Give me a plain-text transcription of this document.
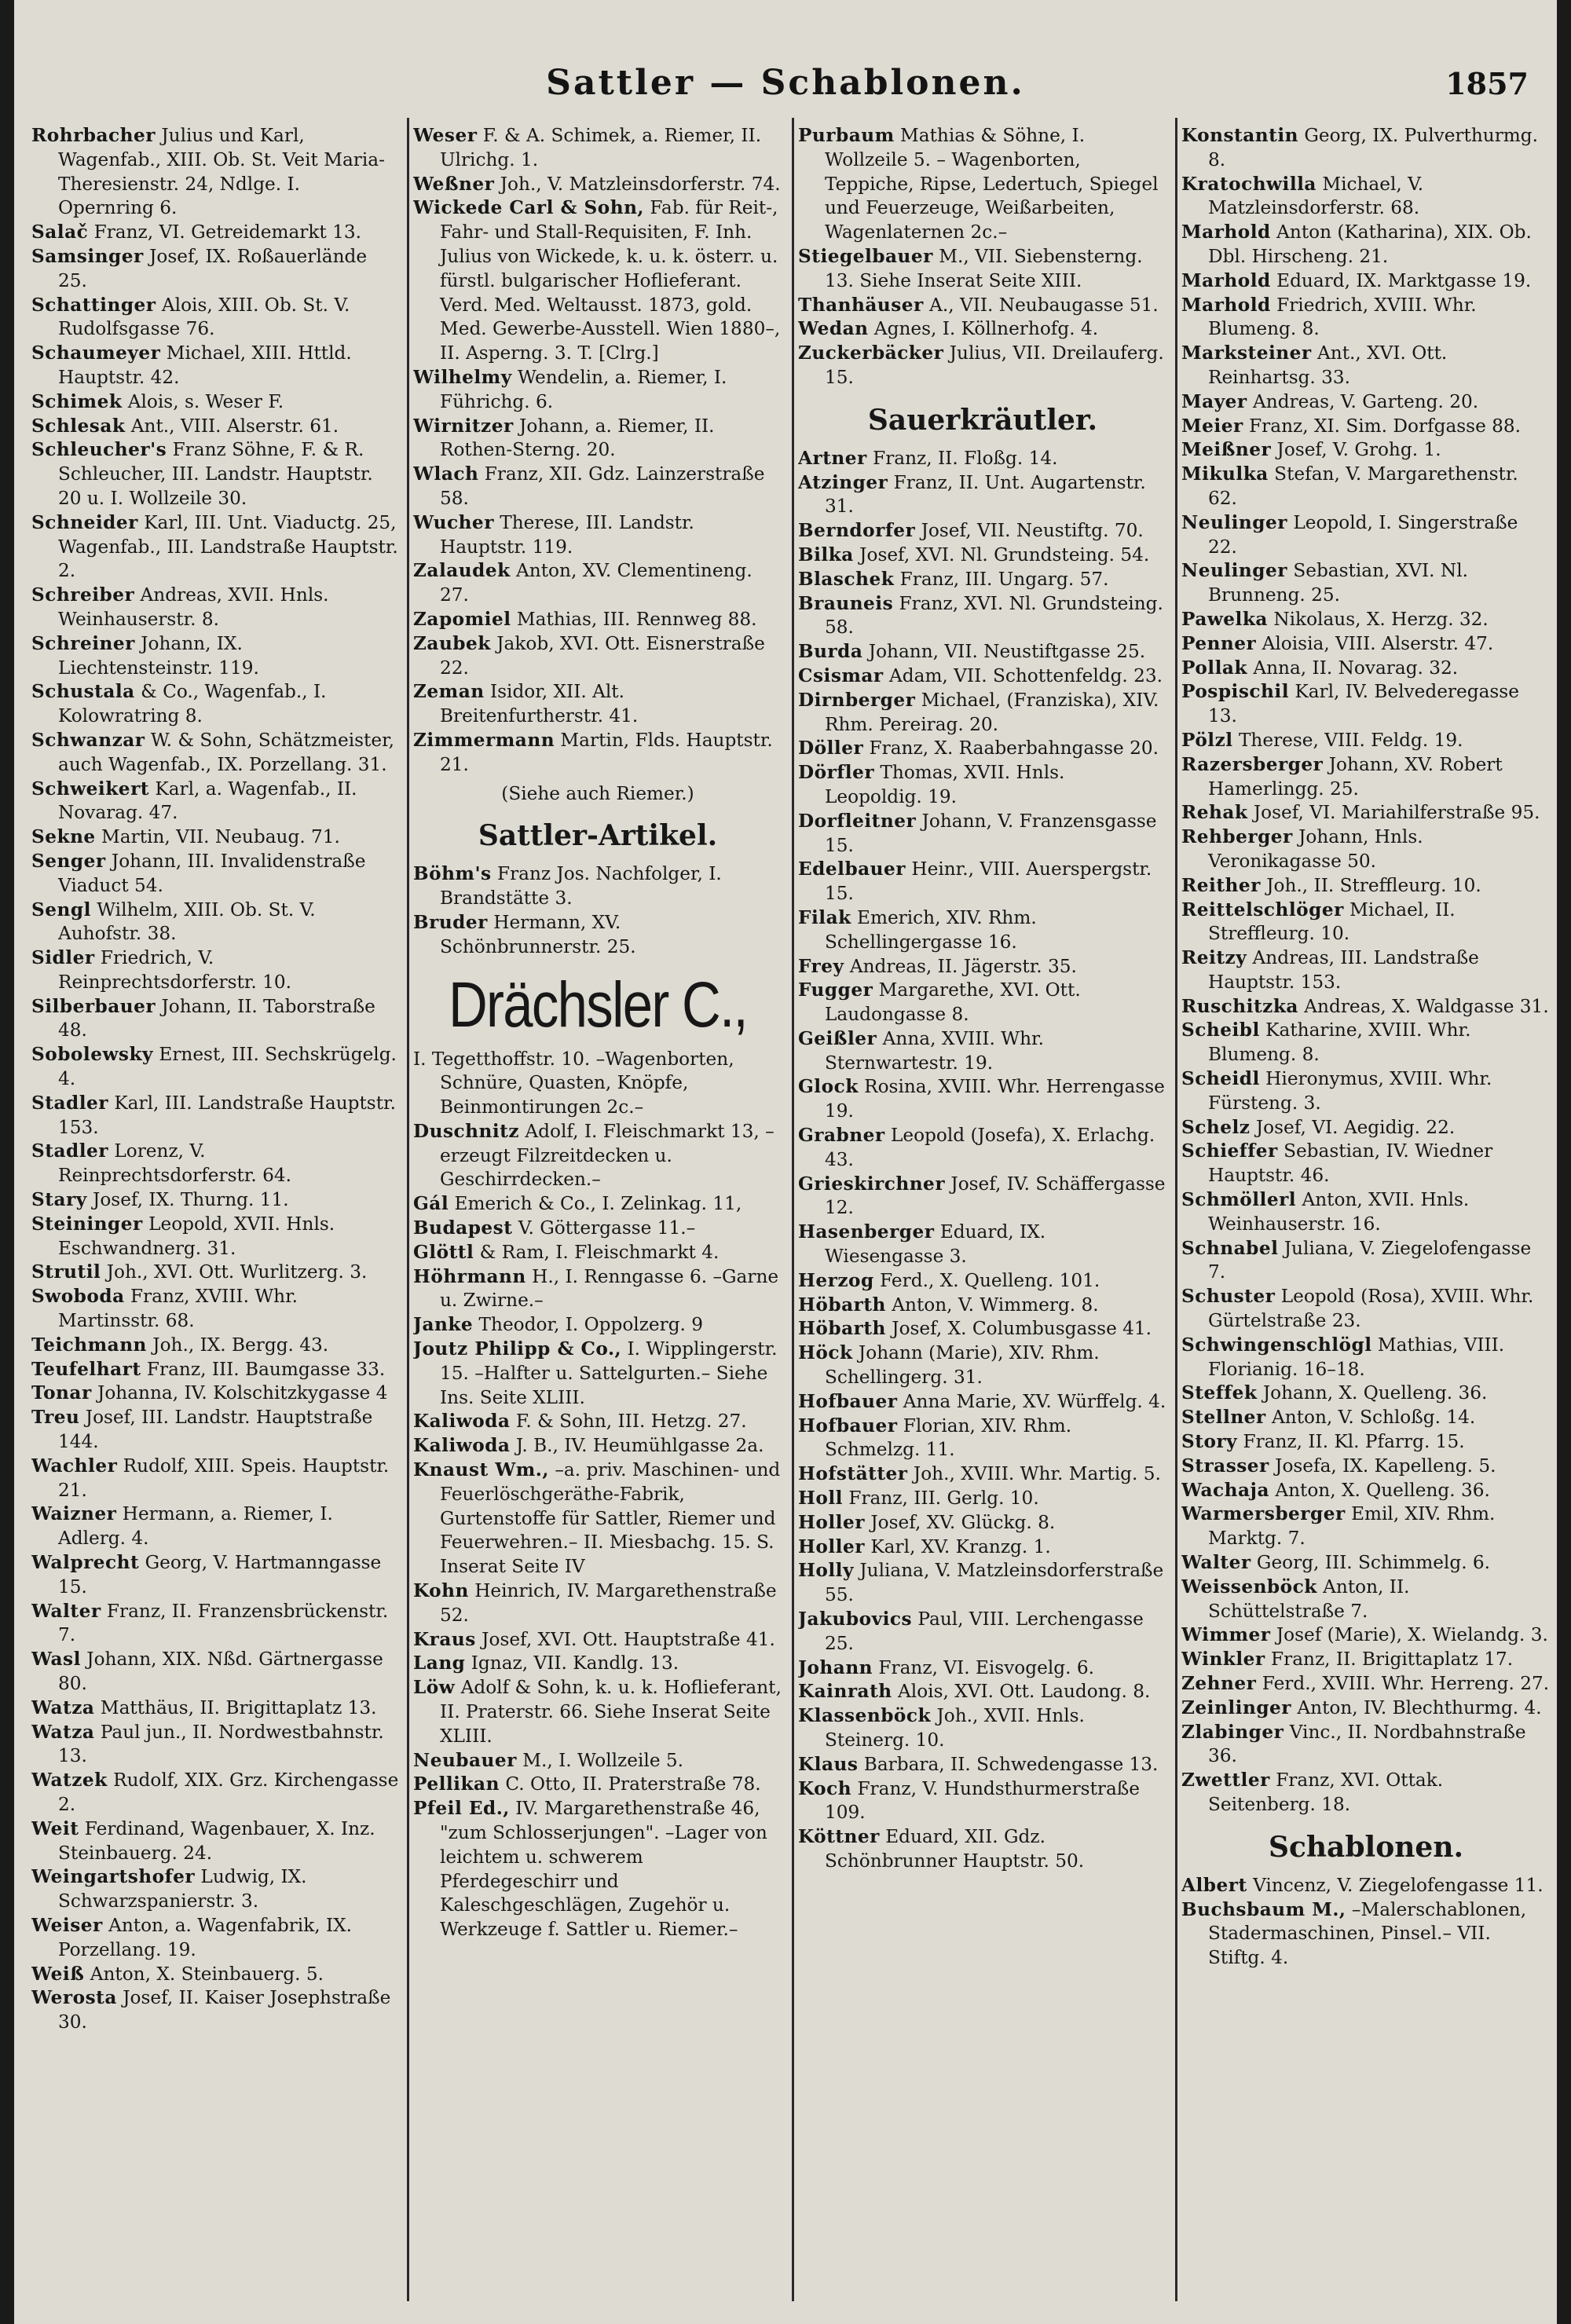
Sattler — Schablonen.	1857

Rohrbacher Julius und Karl, Wagenfab., XIII. Ob. St. Veit Maria-Theresienstr. 24, Ndlge. I. Opernring 6.

Salač Franz, VI. Getreidemarkt 13.

Samsinger Josef, IX. Roßauerlände 25.

Schattinger Alois, XIII. Ob. St. V. Rudolfsgasse 76.

Schaumeyer Michael, XIII. Httld. Hauptstr. 42.

Schimek Alois, s. Weser F.

Schlesak Ant., VIII. Alserstr. 61.

Schleucher's Franz Söhne, F. & R. Schleucher, III. Landstr. Hauptstr. 20 u. I. Wollzeile 30.

Schneider Karl, III. Unt. Viaductg. 25, Wagenfab., III. Landstraße Hauptstr. 2.

Schreiber Andreas, XVII. Hnls. Weinhauserstr. 8.

Schreiner Johann, IX. Liechtensteinstr. 119.

Schustala & Co., Wagenfab., I. Kolowratring 8.

Schwanzar W. & Sohn, Schätzmeister, auch Wagenfab., IX. Porzellang. 31.

Schweikert Karl, a. Wagenfab., II. Novarag. 47.

Sekne Martin, VII. Neubaug. 71.

Senger Johann, III. Invalidenstraße Viaduct 54.

Sengl Wilhelm, XIII. Ob. St. V. Auhofstr. 38.

Sidler Friedrich, V. Reinprechtsdorferstr. 10.

Silberbauer Johann, II. Taborstraße 48.

Sobolewsky Ernest, III. Sechskrügelg. 4.

Stadler Karl, III. Landstraße Hauptstr. 153.

Stadler Lorenz, V. Reinprechtsdorferstr. 64.

Stary Josef, IX. Thurng. 11.

Steininger Leopold, XVII. Hnls. Eschwandnerg. 31.

Strutil Joh., XVI. Ott. Wurlitzerg. 3.

Swoboda Franz, XVIII. Whr. Martinsstr. 68.

Teichmann Joh., IX. Bergg. 43.

Teufelhart Franz, III. Baumgasse 33.

Tonar Johanna, IV. Kolschitzkygasse 4

Treu Josef, III. Landstr. Hauptstraße 144.

Wachler Rudolf, XIII. Speis. Hauptstr. 21.

Waizner Hermann, a. Riemer, I. Adlerg. 4.

Walprecht Georg, V. Hartmanngasse 15.

Walter Franz, II. Franzensbrückenstr. 7.

Wasl Johann, XIX. Nßd. Gärtnergasse 80.

Watza Matthäus, II. Brigittaplatz 13.

Watza Paul jun., II. Nordwestbahnstr. 13.

Watzek Rudolf, XIX. Grz. Kirchengasse 2.

Weit Ferdinand, Wagenbauer, X. Inz. Steinbauerg. 24.

Weingartshofer Ludwig, IX. Schwarzspanierstr. 3.

Weiser Anton, a. Wagenfabrik, IX. Porzellang. 19.

Weiß Anton, X. Steinbauerg. 5.

Werosta Josef, II. Kaiser Josephstraße 30.

Weser F. & A. Schimek, a. Riemer, II. Ulrichg. 1.

Weßner Joh., V. Matzleinsdorferstr. 74.

Wickede Carl & Sohn, Fab. für Reit-, Fahr- und Stall-Requisiten, F. Inh. Julius von Wickede, k. u. k. österr. u. fürstl. bulgarischer Hoflieferant. Verd. Med. Weltausst. 1873, gold. Med. Gewerbe-Ausstell. Wien 1880–, II. Asperng. 3. T. [Clrg.]

Wilhelmy Wendelin, a. Riemer, I. Führichg. 6.

Wirnitzer Johann, a. Riemer, II. Rothen-Sterng. 20.

Wlach Franz, XII. Gdz. Lainzerstraße 58.

Wucher Therese, III. Landstr. Hauptstr. 119.

Zalaudek Anton, XV. Clementineng. 27.

Zapomiel Mathias, III. Rennweg 88.

Zaubek Jakob, XVI. Ott. Eisnerstraße 22.

Zeman Isidor, XII. Alt. Breitenfurtherstr. 41.

Zimmermann Martin, Flds. Hauptstr. 21.

(Siehe auch Riemer.)
Sattler-Artikel.

Böhm's Franz Jos. Nachfolger, I. Brandstätte 3.

Bruder Hermann, XV. Schönbrunnerstr. 25.

Drächsler C.,

I. Tegetthoffstr. 10. –Wagenborten, Schnüre, Quasten, Knöpfe, Beinmontirungen 2c.–

Duschnitz Adolf, I. Fleischmarkt 13, –erzeugt Filzreitdecken u. Geschirrdecken.–

Gál Emerich & Co., I. Zelinkag. 11,

Budapest V. Göttergasse 11.–

Glöttl & Ram, I. Fleischmarkt 4.

Höhrmann H., I. Renngasse 6. –Garne u. Zwirne.–

Janke Theodor, I. Oppolzerg. 9

Joutz Philipp & Co., I. Wipplingerstr. 15. –Halfter u. Sattelgurten.– Siehe Ins. Seite XLIII.

Kaliwoda F. & Sohn, III. Hetzg. 27.

Kaliwoda J. B., IV. Heumühlgasse 2a.

Knaust Wm., –a. priv. Maschinen- und Feuerlöschgeräthe-Fabrik, Gurtenstoffe für Sattler, Riemer und Feuerwehren.– II. Miesbachg. 15. S. Inserat Seite IV

Kohn Heinrich, IV. Margarethenstraße 52.

Kraus Josef, XVI. Ott. Hauptstraße 41.

Lang Ignaz, VII. Kandlg. 13.

Löw Adolf & Sohn, k. u. k. Hoflieferant, II. Praterstr. 66. Siehe Inserat Seite XLIII.

Neubauer M., I. Wollzeile 5.

Pellikan C. Otto, II. Praterstraße 78.

Pfeil Ed., IV. Margarethenstraße 46, "zum Schlosserjungen". –Lager von leichtem u. schwerem Pferdegeschirr und Kaleschgeschlägen, Zugehör u. Werkzeuge f. Sattler u. Riemer.–

Purbaum Mathias & Söhne, I. Wollzeile 5. – Wagenborten, Teppiche, Ripse, Ledertuch, Spiegel und Feuerzeuge, Weißarbeiten, Wagenlaternen 2c.–

Stiegelbauer M., VII. Siebensterng. 13. Siehe Inserat Seite XIII.

Thanhäuser A., VII. Neubaugasse 51.

Wedan Agnes, I. Köllnerhofg. 4.

Zuckerbäcker Julius, VII. Dreilauferg. 15.

Sauerkräutler.

Artner Franz, II. Floßg. 14.

Atzinger Franz, II. Unt. Augartenstr. 31.

Berndorfer Josef, VII. Neustiftg. 70.

Bilka Josef, XVI. Nl. Grundsteing. 54.

Blaschek Franz, III. Ungarg. 57.

Brauneis Franz, XVI. Nl. Grundsteing. 58.

Burda Johann, VII. Neustiftgasse 25.

Csismar Adam, VII. Schottenfeldg. 23.

Dirnberger Michael, (Franziska), XIV. Rhm. Pereirag. 20.

Döller Franz, X. Raaberbahngasse 20.

Dörfler Thomas, XVII. Hnls. Leopoldig. 19.

Dorfleitner Johann, V. Franzensgasse 15.

Edelbauer Heinr., VIII. Auerspergstr. 15.

Filak Emerich, XIV. Rhm. Schellingergasse 16.

Frey Andreas, II. Jägerstr. 35.

Fugger Margarethe, XVI. Ott. Laudongasse 8.

Geißler Anna, XVIII. Whr. Sternwartestr. 19.

Glock Rosina, XVIII. Whr. Herrengasse 19.

Grabner Leopold (Josefa), X. Erlachg. 43.

Grieskirchner Josef, IV. Schäffergasse 12.

Hasenberger Eduard, IX. Wiesengasse 3.

Herzog Ferd., X. Quelleng. 101.

Höbarth Anton, V. Wimmerg. 8.

Höbarth Josef, X. Columbusgasse 41.

Höck Johann (Marie), XIV. Rhm. Schellingerg. 31.

Hofbauer Anna Marie, XV. Würffelg. 4.

Hofbauer Florian, XIV. Rhm. Schmelzg. 11.

Hofstätter Joh., XVIII. Whr. Martig. 5.

Holl Franz, III. Gerlg. 10.

Holler Josef, XV. Glückg. 8.

Holler Karl, XV. Kranzg. 1.

Holly Juliana, V. Matzleinsdorferstraße 55.

Jakubovics Paul, VIII. Lerchengasse 25.

Johann Franz, VI. Eisvogelg. 6.

Kainrath Alois, XVI. Ott. Laudong. 8.

Klassenböck Joh., XVII. Hnls. Steinerg. 10.

Klaus Barbara, II. Schwedengasse 13.

Koch Franz, V. Hundsthurmerstraße 109.

Köttner Eduard, XII. Gdz. Schönbrunner Hauptstr. 50.

Konstantin Georg, IX. Pulverthurmg. 8.

Kratochwilla Michael, V. Matzleinsdorferstr. 68.

Marhold Anton (Katharina), XIX. Ob. Dbl. Hirscheng. 21.

Marhold Eduard, IX. Marktgasse 19.

Marhold Friedrich, XVIII. Whr. Blumeng. 8.

Marksteiner Ant., XVI. Ott. Reinhartsg. 33.

Mayer Andreas, V. Garteng. 20.

Meier Franz, XI. Sim. Dorfgasse 88.

Meißner Josef, V. Grohg. 1.

Mikulka Stefan, V. Margarethenstr. 62.

Neulinger Leopold, I. Singerstraße 22.

Neulinger Sebastian, XVI. Nl. Brunneng. 25.

Pawelka Nikolaus, X. Herzg. 32.

Penner Aloisia, VIII. Alserstr. 47.

Pollak Anna, II. Novarag. 32.

Pospischil Karl, IV. Belvederegasse 13.

Pölzl Therese, VIII. Feldg. 19.

Razersberger Johann, XV. Robert Hamerlingg. 25.

Rehak Josef, VI. Mariahilferstraße 95.

Rehberger Johann, Hnls. Veronikagasse 50.

Reither Joh., II. Streffleurg. 10.

Reittelschlöger Michael, II. Streffleurg. 10.

Reitzy Andreas, III. Landstraße Hauptstr. 153.

Ruschitzka Andreas, X. Waldgasse 31.

Scheibl Katharine, XVIII. Whr. Blumeng. 8.

Scheidl Hieronymus, XVIII. Whr. Fürsteng. 3.

Schelz Josef, VI. Aegidig. 22.

Schieffer Sebastian, IV. Wiedner Hauptstr. 46.

Schmöllerl Anton, XVII. Hnls. Weinhauserstr. 16.

Schnabel Juliana, V. Ziegelofengasse 7.

Schuster Leopold (Rosa), XVIII. Whr. Gürtelstraße 23.

Schwingenschlögl Mathias, VIII. Florianig. 16–18.

Steffek Johann, X. Quelleng. 36.

Stellner Anton, V. Schloßg. 14.

Story Franz, II. Kl. Pfarrg. 15.

Strasser Josefa, IX. Kapelleng. 5.

Wachaja Anton, X. Quelleng. 36.

Warmersberger Emil, XIV. Rhm. Marktg. 7.

Walter Georg, III. Schimmelg. 6.

Weissenböck Anton, II. Schüttelstraße 7.

Wimmer Josef (Marie), X. Wielandg. 3.

Winkler Franz, II. Brigittaplatz 17.

Zehner Ferd., XVIII. Whr. Herreng. 27.

Zeinlinger Anton, IV. Blechthurmg. 4.

Zlabinger Vinc., II. Nordbahnstraße 36.

Zwettler Franz, XVI. Ottak. Seitenberg. 18.

Schablonen.

Albert Vincenz, V. Ziegelofengasse 11.

Buchsbaum M., –Malerschablonen, Stadermaschinen, Pinsel.– VII. Stiftg. 4.
